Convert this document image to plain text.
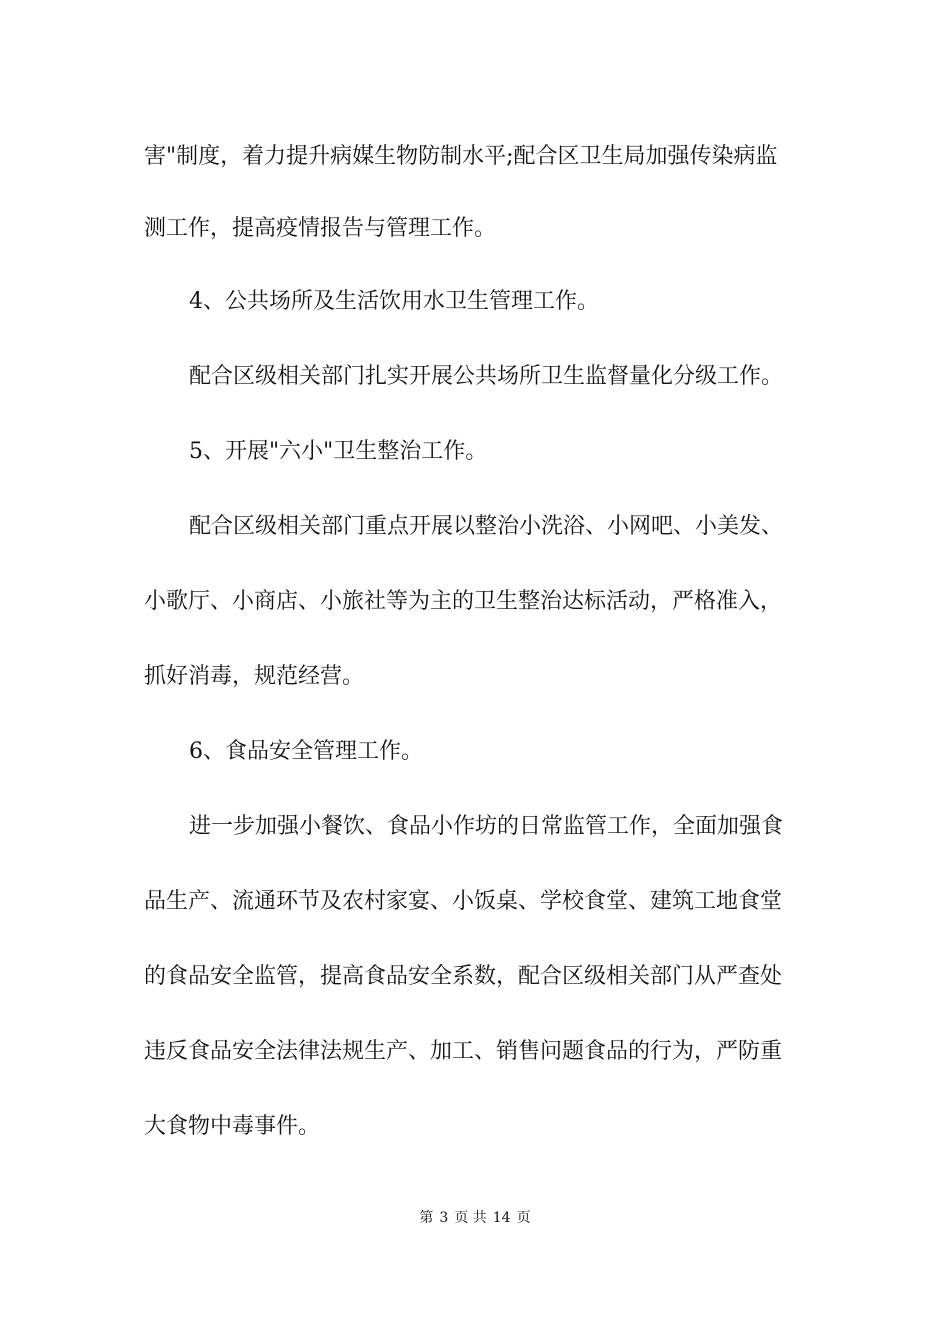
害"制度，着力提升病媒生物防制水平;配合区卫生局加强传染病监
测工作，提高疫情报告与管理工作。
4、公共场所及生活饮用水卫生管理工作。
配合区级相关部门扎实开展公共场所卫生监督量化分级工作。
5、开展"六小"卫生整治工作。
配合区级相关部门重点开展以整治小洗浴、小网吧、小美发、
小歌厅、小商店、小旅社等为主的卫生整治达标活动，严格准入，
抓好消毒，规范经营。
6、食品安全管理工作。
进一步加强小餐饮、食品小作坊的日常监管工作，全面加强食
品生产、流通环节及农村家宴、小饭桌、学校食堂、建筑工地食堂
的食品安全监管，提高食品安全系数，配合区级相关部门从严查处
违反食品安全法律法规生产、加工、销售问题食品的行为，严防重
大食物中毒事件。
第 3 页 共 14 页
